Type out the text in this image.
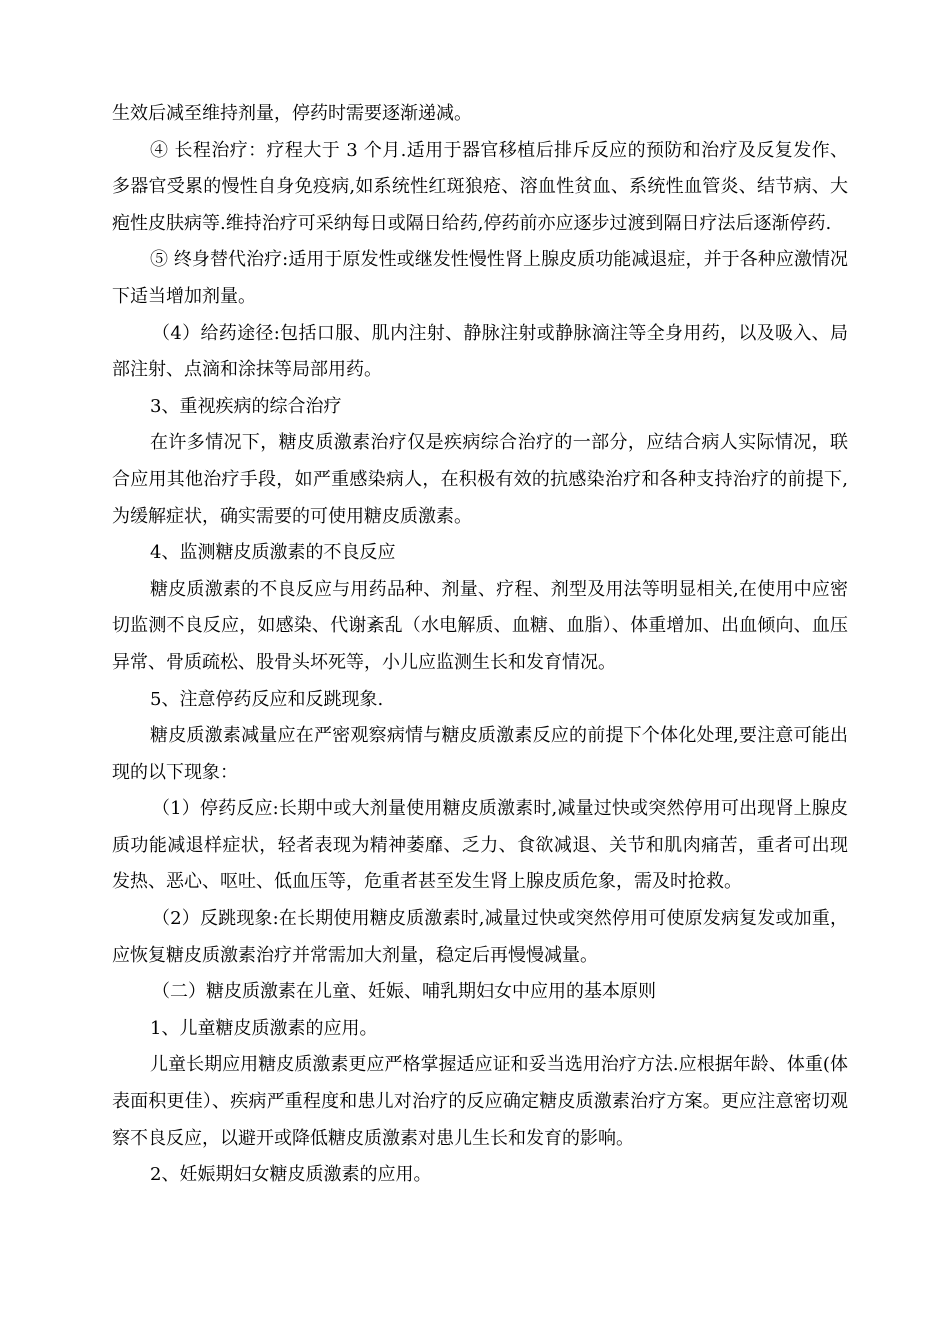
生效后减至维持剂量，停药时需要逐渐递减。

④ 长程治疗：疗程大于 3 个月.适用于器官移植后排斥反应的预防和治疗及反复发作、多器官受累的慢性自身免疫病,如系统性红斑狼疮、溶血性贫血、系统性血管炎、结节病、大疱性皮肤病等.维持治疗可采纳每日或隔日给药,停药前亦应逐步过渡到隔日疗法后逐渐停药.

⑤ 终身替代治疗:适用于原发性或继发性慢性肾上腺皮质功能减退症，并于各种应激情况下适当增加剂量。

（4）给药途径:包括口服、肌内注射、静脉注射或静脉滴注等全身用药，以及吸入、局部注射、点滴和涂抹等局部用药。

3、重视疾病的综合治疗

在许多情况下，糖皮质激素治疗仅是疾病综合治疗的一部分，应结合病人实际情况，联合应用其他治疗手段，如严重感染病人，在积极有效的抗感染治疗和各种支持治疗的前提下,为缓解症状，确实需要的可使用糖皮质激素。

4、监测糖皮质激素的不良反应

糖皮质激素的不良反应与用药品种、剂量、疗程、剂型及用法等明显相关,在使用中应密切监测不良反应，如感染、代谢紊乱（水电解质、血糖、血脂）、体重增加、出血倾向、血压异常、骨质疏松、股骨头坏死等，小儿应监测生长和发育情况。

5、注意停药反应和反跳现象.

糖皮质激素减量应在严密观察病情与糖皮质激素反应的前提下个体化处理,要注意可能出现的以下现象：

（1）停药反应:长期中或大剂量使用糖皮质激素时,减量过快或突然停用可出现肾上腺皮质功能减退样症状，轻者表现为精神萎靡、乏力、食欲减退、关节和肌肉痛苦，重者可出现发热、恶心、呕吐、低血压等，危重者甚至发生肾上腺皮质危象，需及时抢救。

（2）反跳现象:在长期使用糖皮质激素时,减量过快或突然停用可使原发病复发或加重，应恢复糖皮质激素治疗并常需加大剂量，稳定后再慢慢减量。

（二）糖皮质激素在儿童、妊娠、哺乳期妇女中应用的基本原则

1、儿童糖皮质激素的应用。

儿童长期应用糖皮质激素更应严格掌握适应证和妥当选用治疗方法.应根据年龄、体重(体表面积更佳）、疾病严重程度和患儿对治疗的反应确定糖皮质激素治疗方案。更应注意密切观察不良反应，以避开或降低糖皮质激素对患儿生长和发育的影响。

2、妊娠期妇女糖皮质激素的应用。
